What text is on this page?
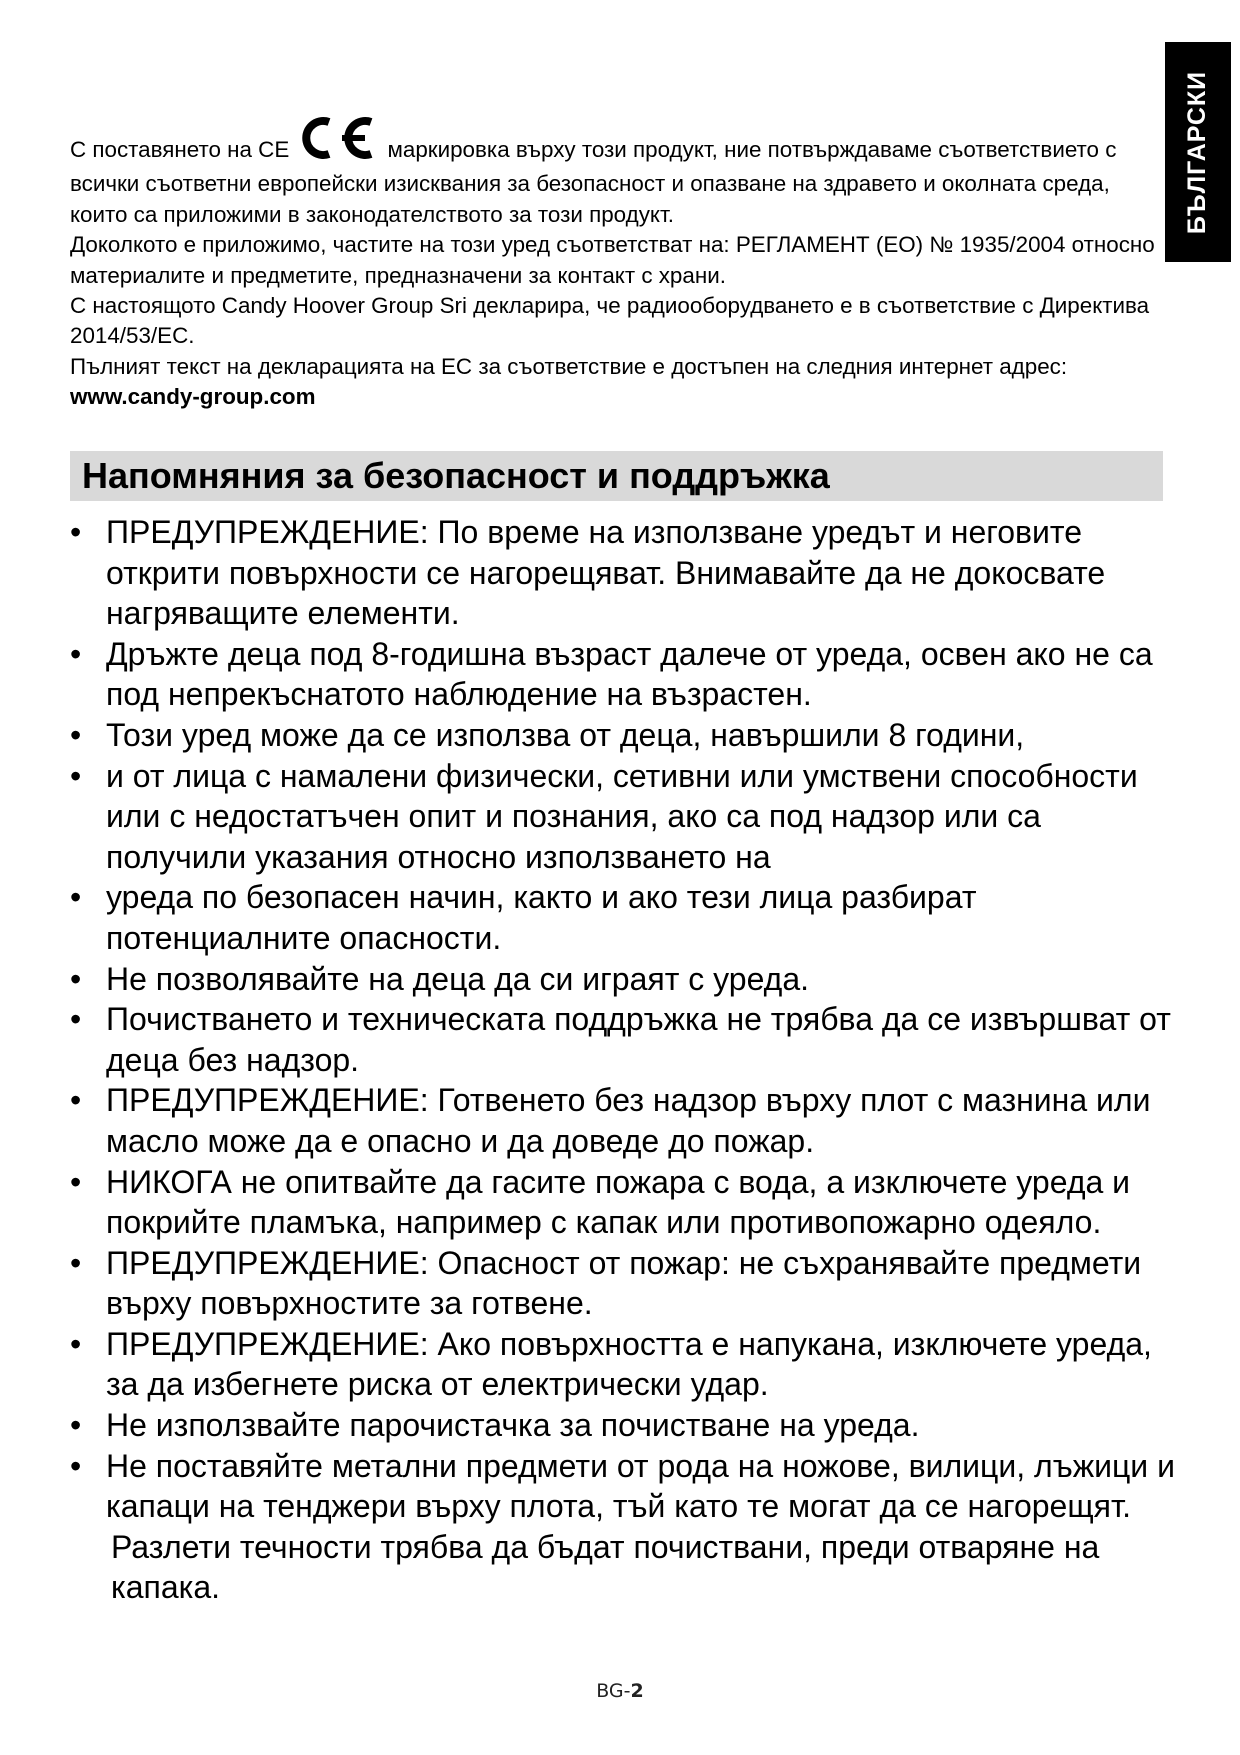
БЪЛГАРСКИ

С поставянето на СЕ	маркировка върху този продукт, ние потвърждаваме съответствието с всички съответни европейски изисквания за безопасност и опазване на здравето и околната среда, които са приложими в законодателството за този продукт.

Доколкото е приложимо, частите на този уред съответстват на: РЕГЛАМЕНТ (ЕО) № 1935/2004 относно материалите и предметите, предназначени за контакт с храни.

С настоящото Candy Hoover Group Sri декларира, че радиооборудването е в съответствие с Директива 2014/53/ЕС.

Пълният текст на декларацията на ЕС за съответствие е достъпен на следния интернет адрес: www.candy-group.com

Напомняния за безопасност и поддръжка
• ПРЕДУПРЕЖДЕНИЕ: По време на използване уредът и неговите открити повърхности се нагорещяват. Внимавайте да не докосвате нагряващите елементи.
• Дръжте деца под 8-годишна възраст далече от уреда, освен ако не са под непрекъснатото наблюдение на възрастен.
• Този уред може да се използва от деца, навършили 8 години,
• и от лица с намалени физически, сетивни или умствени способности или с недостатъчен опит и познания, ако са под надзор или са получили указания относно използването на
• уреда по безопасен начин, както и ако тези лица разбират потенциалните опасности.
• Не позволявайте на деца да си играят с уреда.
• Почистването и техническата поддръжка не трябва да се извършват от деца без надзор.
• ПРЕДУПРЕЖДЕНИЕ: Готвенето без надзор върху плот с мазнина или масло може да е опасно и да доведе до пожар.
• НИКОГА не опитвайте да гасите пожара с вода, а изключете уреда и покрийте пламъка, например с капак или противопожарно одеяло.
• ПРЕДУПРЕЖДЕНИЕ: Опасност от пожар: не съхранявайте предмети върху повърхностите за готвене.
• ПРЕДУПРЕЖДЕНИЕ: Ако повърхността е напукана, изключете уреда, за да избегнете риска от електрически удар.
• Не използвайте парочистачка за почистване на уреда.
• Не поставяйте метални предмети от рода на ножове, вилици, лъжици и капаци на тенджери върху плота, тъй като те могат да се нагорещят.
Разлети течности трябва да бъдат почиствани, преди отваряне на капака.
BG-2
